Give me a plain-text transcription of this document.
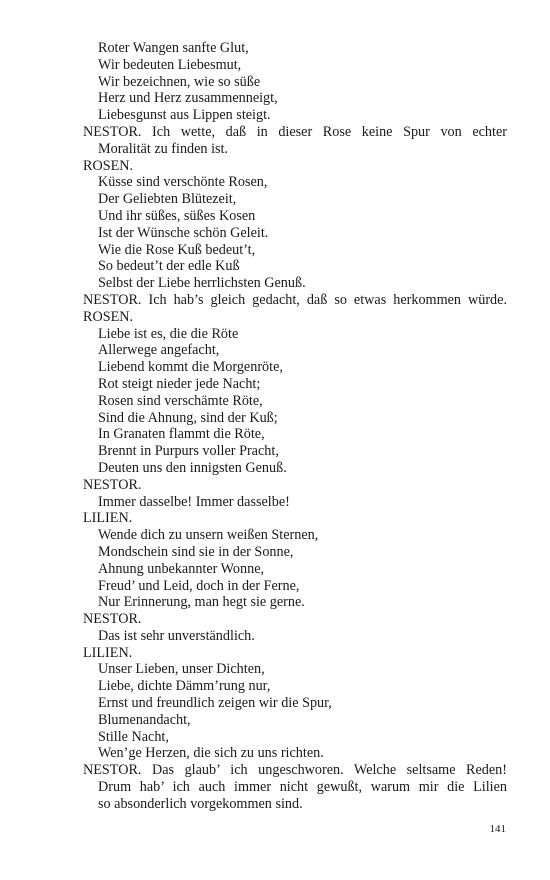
Roter Wangen sanfte Glut,
Wir bedeuten Liebesmut,
Wir bezeichnen, wie so süße
Herz und Herz zusammenneigt,
Liebesgunst aus Lippen steigt.
NESTOR. Ich wette, daß in dieser Rose keine Spur von echter
Moralität zu finden ist.
ROSEN.
Küsse sind verschönte Rosen,
Der Geliebten Blütezeit,
Und ihr süßes, süßes Kosen
Ist der Wünsche schön Geleit.
Wie die Rose Kuß bedeut’t,
So bedeut’t der edle Kuß
Selbst der Liebe herrlichsten Genuß.
NESTOR. Ich hab’s gleich gedacht, daß so etwas herkommen würde.
ROSEN.
Liebe ist es, die die Röte
Allerwege angefacht,
Liebend kommt die Morgenröte,
Rot steigt nieder jede Nacht;
Rosen sind verschämte Röte,
Sind die Ahnung, sind der Kuß;
In Granaten flammt die Röte,
Brennt in Purpurs voller Pracht,
Deuten uns den innigsten Genuß.
NESTOR.
Immer dasselbe! Immer dasselbe!
LILIEN.
Wende dich zu unsern weißen Sternen,
Mondschein sind sie in der Sonne,
Ahnung unbekannter Wonne,
Freud’ und Leid, doch in der Ferne,
Nur Erinnerung, man hegt sie gerne.
NESTOR.
Das ist sehr unverständlich.
LILIEN.
Unser Lieben, unser Dichten,
Liebe, dichte Dämm’rung nur,
Ernst und freundlich zeigen wir die Spur,
Blumenandacht,
Stille Nacht,
Wen’ge Herzen, die sich zu uns richten.
NESTOR. Das glaub’ ich ungeschworen. Welche seltsame Reden!
Drum hab’ ich auch immer nicht gewußt, warum mir die Lilien
so absonderlich vorgekommen sind.
141
